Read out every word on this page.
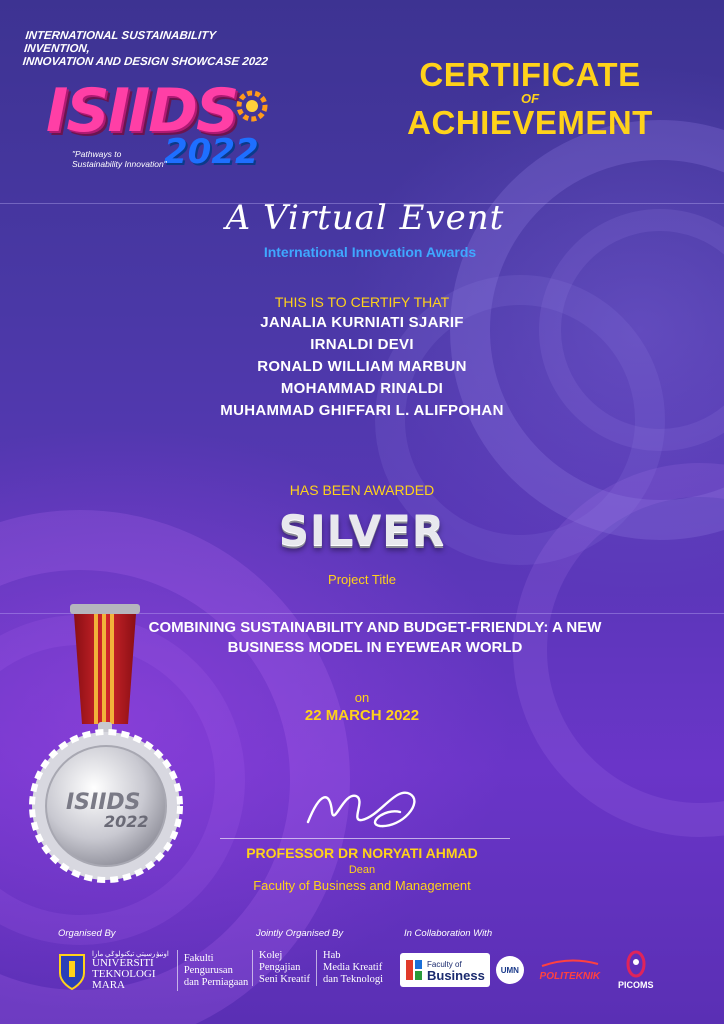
INTERNATIONAL SUSTAINABILITY INVENTION,
INNOVATION AND DESIGN SHOWCASE 2022
ISIIDS
2022
"Pathways to Sustainability Innovation"
CERTIFICATE
OF
ACHIEVEMENT
A Virtual Event
International Innovation Awards
THIS IS TO CERTIFY THAT
JANALIA KURNIATI SJARIF
IRNALDI DEVI
RONALD WILLIAM MARBUN
MOHAMMAD RINALDI
MUHAMMAD GHIFFARI L. ALIFPOHAN
HAS BEEN AWARDED
SILVER
Project Title
COMBINING SUSTAINABILITY AND BUDGET-FRIENDLY: A NEW BUSINESS MODEL IN EYEWEAR WORLD
on
22 MARCH 2022
ISIIDS
2022
PROFESSOR DR NORYATI AHMAD
Dean
Faculty of Business and Management
Organised By	Jointly Organised By	In Collaboration With
اونيۏرسيتي تيكنولوݢي مارا
UNIVERSITI
TEKNOLOGI
MARA
Fakulti
Pengurusan
dan Perniagaan
Kolej
Pengajian
Seni Kreatif
Hab
Media Kreatif
dan Teknologi
Faculty of
Business	UMN
POLITEKNIK
PICOMS
